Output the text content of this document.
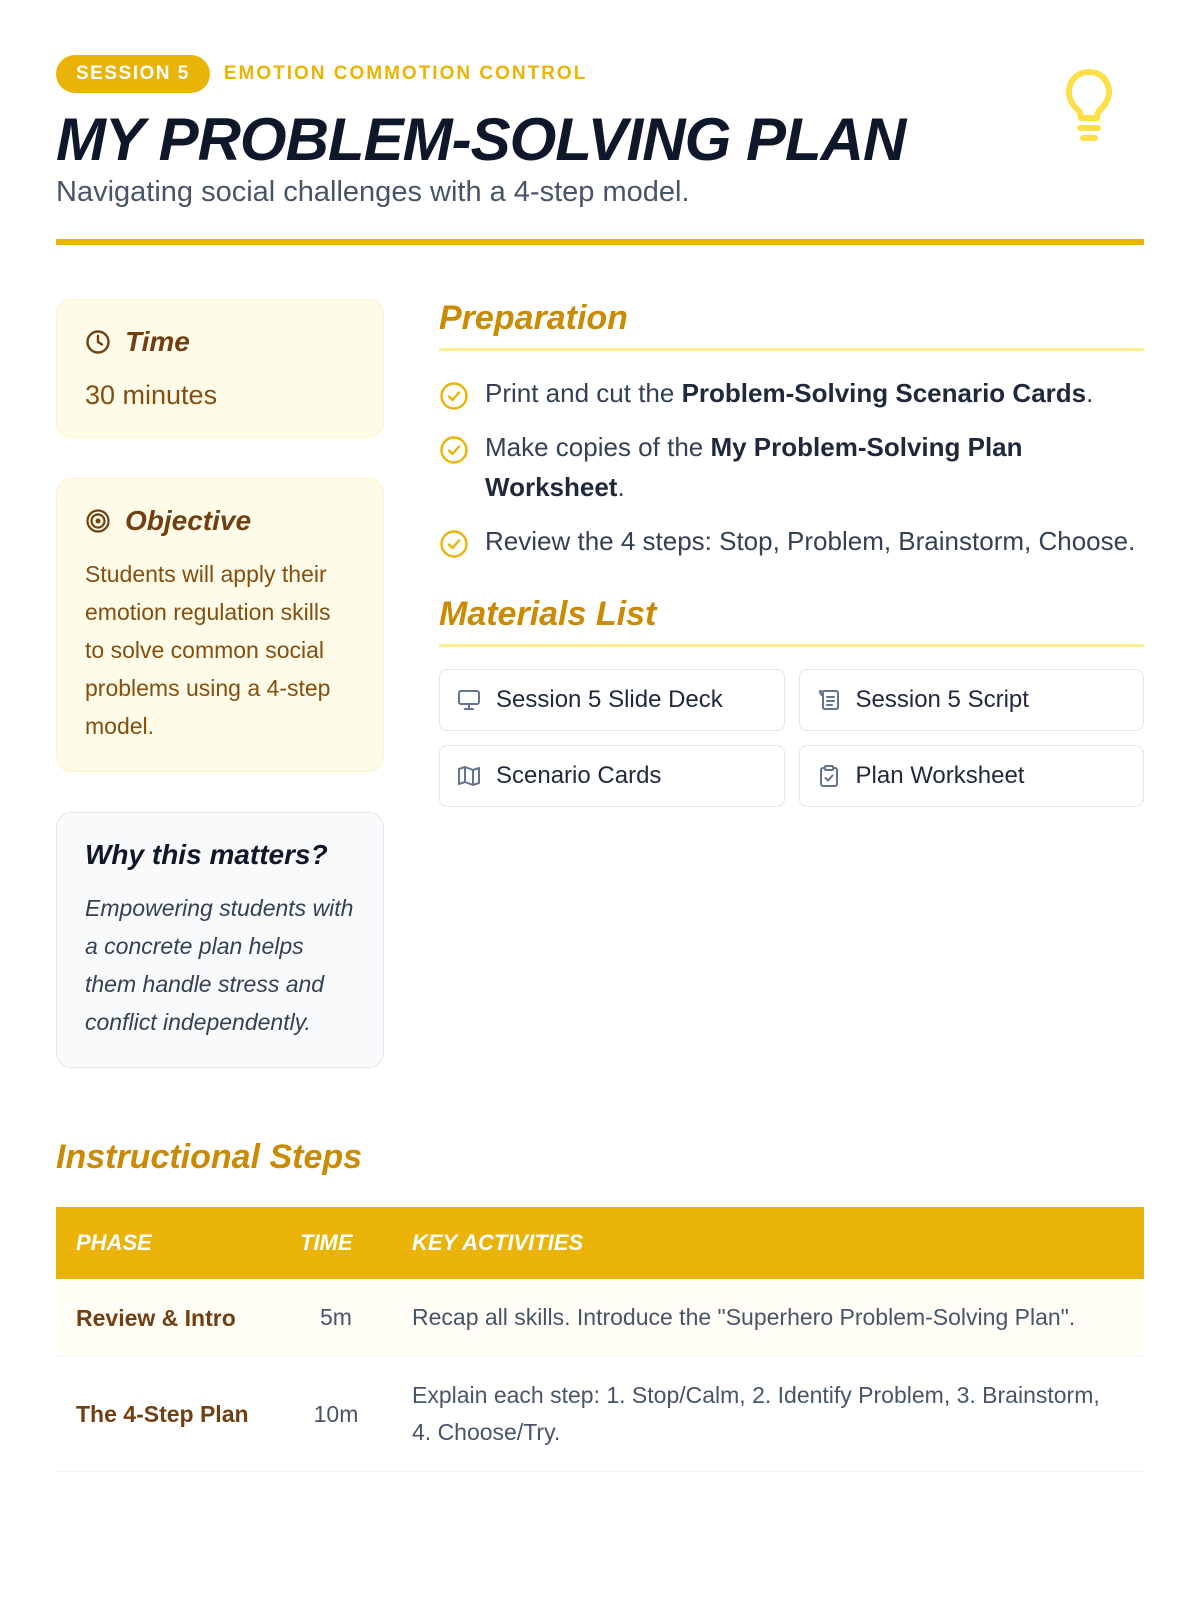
SESSION 5	EMOTION COMMOTION CONTROL
MY PROBLEM-SOLVING PLAN

Navigating social challenges with a 4-step model.

Time
30 minutes
Objective

Students will apply their emotion regulation skills to solve common social problems using a 4-step model.

Why this matters?

Empowering students with a concrete plan helps them handle stress and conflict independently.

Preparation
Print and cut the Problem-Solving Scenario Cards.
Make copies of the My Problem-Solving Plan Worksheet.
Review the 4 steps: Stop, Problem, Brainstorm, Choose.
Materials List
Session 5 Slide Deck	Session 5 Script
Scenario Cards	Plan Worksheet
Instructional Steps
PHASE	TIME	KEY ACTIVITIES
Review & Intro	5m	Recap all skills. Introduce the "Superhero Problem-Solving Plan".
The 4-Step Plan	10m	Explain each step: 1. Stop/Calm, 2. Identify Problem, 3. Brainstorm, 4. Choose/Try.
